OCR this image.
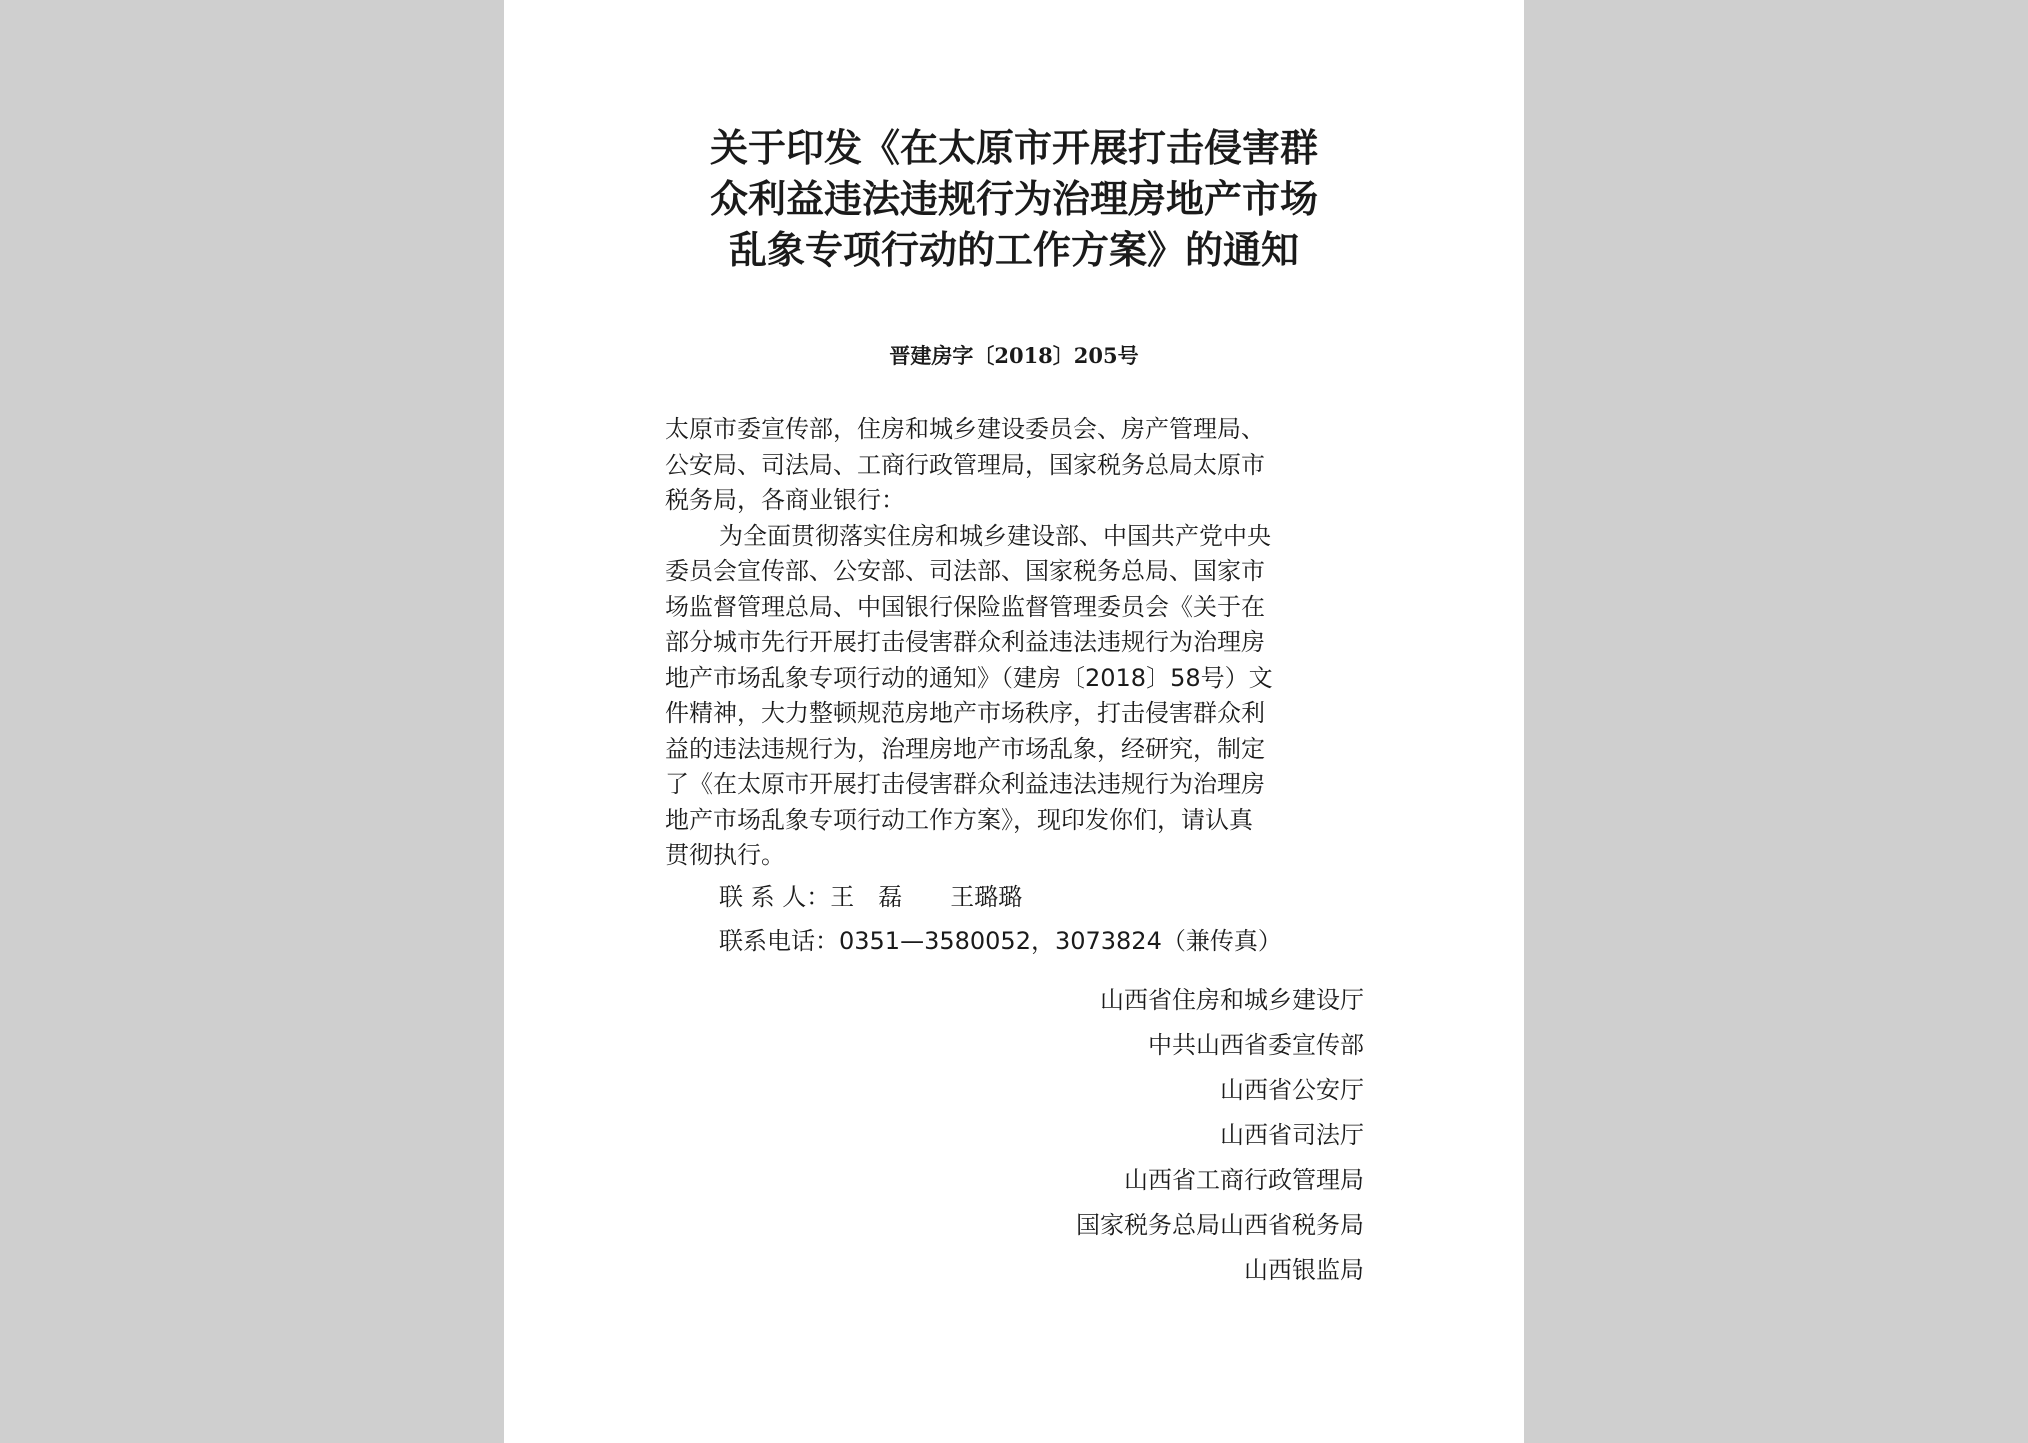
关于印发《在太原市开展打击侵害群
众利益违法违规行为治理房地产市场
乱象专项行动的工作方案》的通知
晋建房字〔2018〕205号
太原市委宣传部，住房和城乡建设委员会、房产管理局、
公安局、司法局、工商行政管理局，国家税务总局太原市
税务局，各商业银行：
为全面贯彻落实住房和城乡建设部、中国共产党中央
委员会宣传部、公安部、司法部、国家税务总局、国家市
场监督管理总局、中国银行保险监督管理委员会《关于在
部分城市先行开展打击侵害群众利益违法违规行为治理房
地产市场乱象专项行动的通知》（建房〔2018〕58号）文
件精神，大力整顿规范房地产市场秩序，打击侵害群众利
益的违法违规行为，治理房地产市场乱象，经研究，制定
了《在太原市开展打击侵害群众利益违法违规行为治理房
地产市场乱象专项行动工作方案》，现印发你们，请认真
贯彻执行。
联 系 人：王　磊　　王璐璐
联系电话：0351—3580052，3073824（兼传真）
山西省住房和城乡建设厅
中共山西省委宣传部
山西省公安厅
山西省司法厅
山西省工商行政管理局
国家税务总局山西省税务局
山西银监局
